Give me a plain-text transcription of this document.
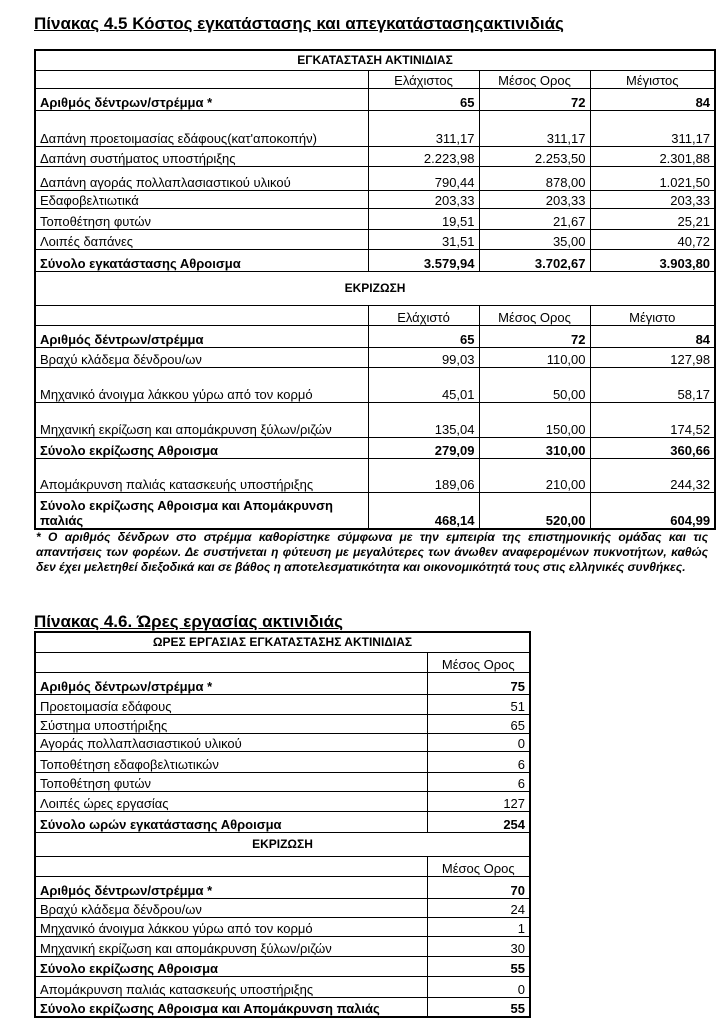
Πίνακας 4.5 Κόστος εγκατάστασης και απεγκατάστασηςακτινιδιάς
ΕΓΚΑΤΑΣΤΑΣΗ ΑΚΤΙΝΙΔΙΑΣ			
	Ελάχιστος	Μέσος Ορος	Μέγιστος
Αριθμός δέντρων/στρέμμα *	65	72	84
Δαπάνη προετοιμασίας εδάφους(κατ'αποκοπήν)	311,17	311,17	311,17
Δαπάνη συστήματος υποστήριξης	2.223,98	2.253,50	2.301,88
Δαπάνη αγοράς πολλαπλασιαστικού υλικού	790,44	878,00	1.021,50
Εδαφοβελτιωτικά	203,33	203,33	203,33
Τοποθέτηση φυτών	19,51	21,67	25,21
Λοιπές δαπάνες	31,51	35,00	40,72
Σύνολο εγκατάστασης Αθροισμα	3.579,94	3.702,67	3.903,80
ΕΚΡΙΖΩΣΗ			
	Ελάχιστό	Μέσος Ορος	Μέγιστο
Αριθμός δέντρων/στρέμμα	65	72	84
Βραχύ κλάδεμα δένδρου/ων	99,03	110,00	127,98
Μηχανικό άνοιγμα λάκκου γύρω από τον κορμό	45,01	50,00	58,17
Μηχανική εκρίζωση και απομάκρυνση ξύλων/ριζών	135,04	150,00	174,52
Σύνολο εκρίζωσης Αθροισμα	279,09	310,00	360,66
Απομάκρυνση παλιάς κατασκευής υποστήριξης	189,06	210,00	244,32
Σύνολο εκρίζωσης Αθροισμα και Απομάκρυνση παλιάς	468,14	520,00	604,99
* Ο αριθμός δένδρων στο στρέμμα καθορίστηκε σύμφωνα με την εμπειρία της επιστημονικής ομάδας και τις απαντήσεις των φορέων. Δε συστήνεται η φύτευση με μεγαλύτερες των άνωθεν αναφερομένων πυκνοτήτων, καθώς δεν έχει μελετηθεί διεξοδικά και σε βάθος η αποτελεσματικότητα και οικονομικότητά τους στις ελληνικές συνθήκες.
Πίνακας 4.6. Ώρες εργασίας ακτινιδιάς
ΩΡΕΣ ΕΡΓΑΣΙΑΣ ΕΓΚΑΤΑΣΤΑΣΗΣ ΑΚΤΙΝΙΔΙΑΣ	
	Μέσος Ορος
Αριθμός δέντρων/στρέμμα *	75
Προετοιμασία εδάφους	51
Σύστημα υποστήριξης	65
Αγοράς πολλαπλασιαστικού υλικού	0
Τοποθέτηση εδαφοβελτιωτικών	6
Τοποθέτηση φυτών	6
Λοιπές ώρες εργασίας	127
Σύνολο ωρών εγκατάστασης Αθροισμα	254
ΕΚΡΙΖΩΣΗ	
	Μέσος Ορος
Αριθμός δέντρων/στρέμμα *	70
Βραχύ κλάδεμα δένδρου/ων	24
Μηχανικό άνοιγμα λάκκου γύρω από τον κορμό	1
Μηχανική εκρίζωση και απομάκρυνση ξύλων/ριζών	30
Σύνολο εκρίζωσης Αθροισμα	55
Απομάκρυνση παλιάς κατασκευής υποστήριξης	0
Σύνολο εκρίζωσης Αθροισμα και Απομάκρυνση παλιάς	55
